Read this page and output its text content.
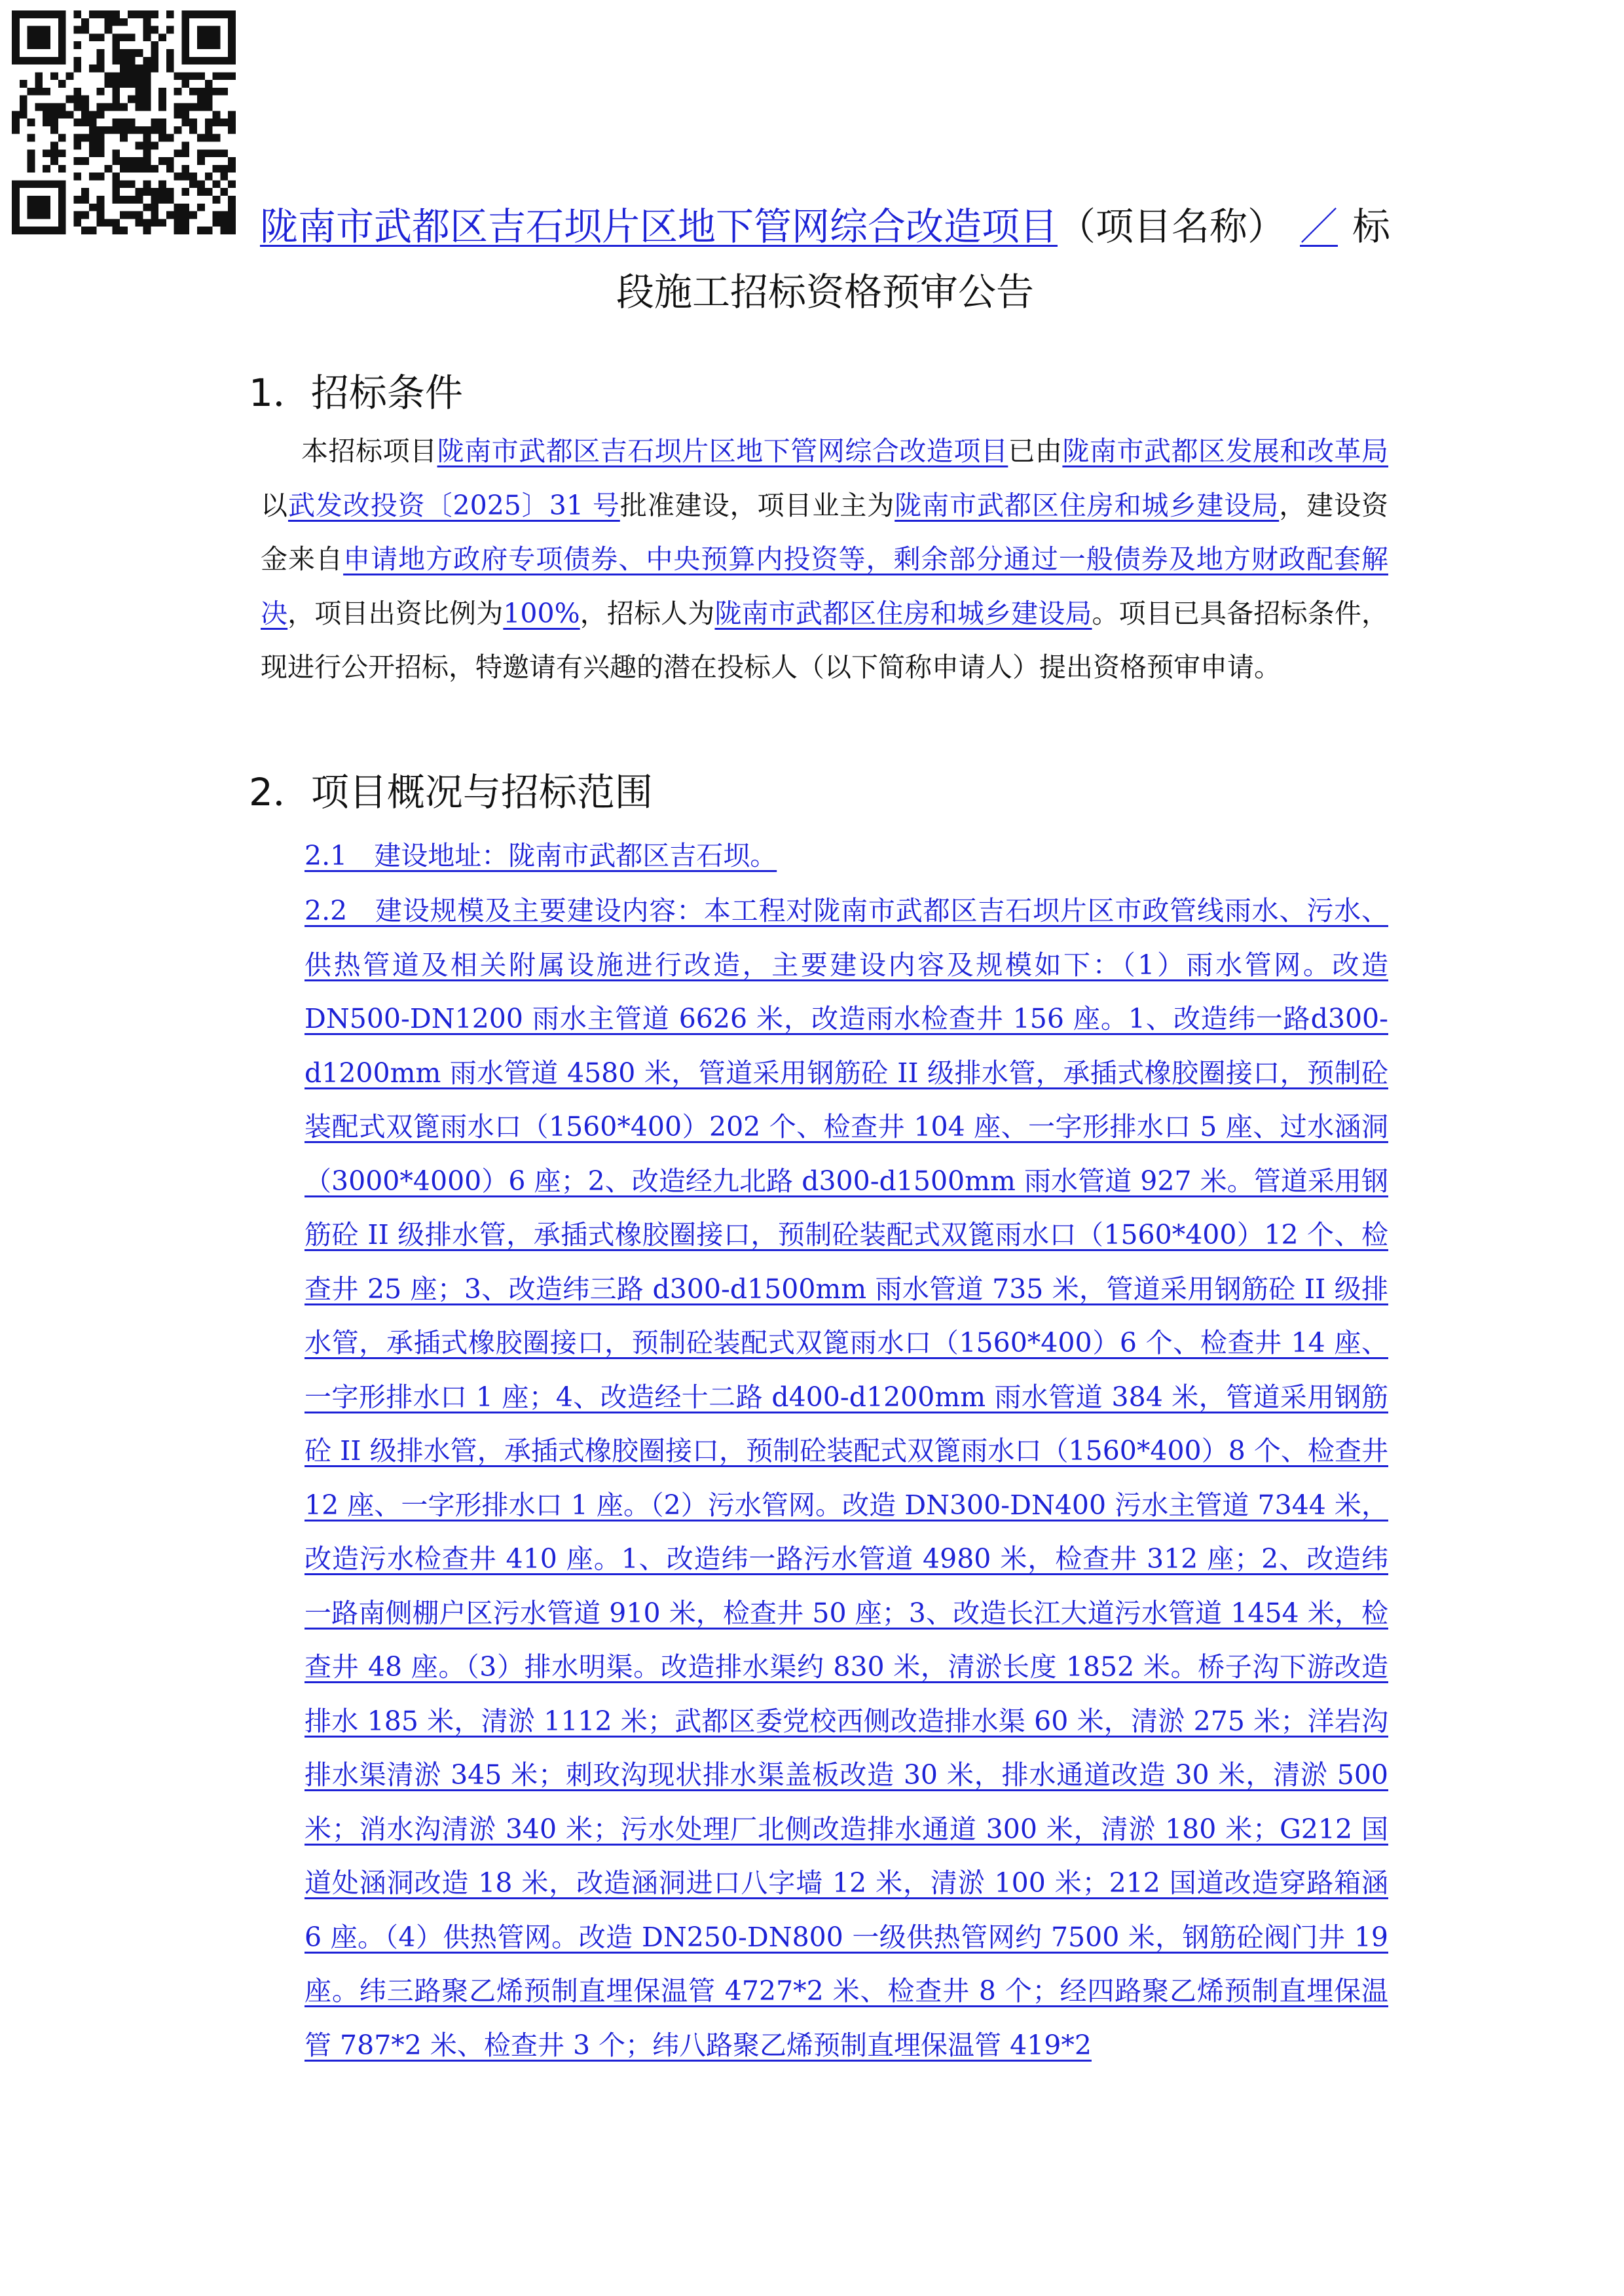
陇南市武都区吉石坝片区地下管网综合改造项目（项目名称） ／ 标段施工招标资格预审公告
1．招标条件
本招标项目陇南市武都区吉石坝片区地下管网综合改造项目已由陇南市武都区发展和改革局以武发改投资〔2025〕31 号批准建设，项目业主为陇南市武都区住房和城乡建设局，建设资金来自申请地方政府专项债券、中央预算内投资等，剩余部分通过一般债券及地方财政配套解决，项目出资比例为100%，招标人为陇南市武都区住房和城乡建设局。项目已具备招标条件，现进行公开招标，特邀请有兴趣的潜在投标人（以下简称申请人）提出资格预审申请。
2．项目概况与招标范围
2.1　建设地址：陇南市武都区吉石坝。
2.2　建设规模及主要建设内容：本工程对陇南市武都区吉石坝片区市政管线雨水、污水、供热管道及相关附属设施进行改造，主要建设内容及规模如下：（1）雨水管网。改造DN500-DN1200 雨水主管道 6626 米，改造雨水检查井 156 座。1、改造纬一路d300-d1200mm 雨水管道 4580 米，管道采用钢筋砼 II 级排水管，承插式橡胶圈接口，预制砼装配式双篦雨水口（1560*400）202 个、检查井 104 座、一字形排水口 5 座、过水涵洞（3000*4000）6 座；2、改造经九北路 d300-d1500mm 雨水管道 927 米。管道采用钢筋砼 II 级排水管，承插式橡胶圈接口，预制砼装配式双篦雨水口（1560*400）12 个、检查井 25 座；3、改造纬三路 d300-d1500mm 雨水管道 735 米，管道采用钢筋砼 II 级排水管，承插式橡胶圈接口，预制砼装配式双篦雨水口（1560*400）6 个、检查井 14 座、一字形排水口 1 座；4、改造经十二路 d400-d1200mm 雨水管道 384 米，管道采用钢筋砼 II 级排水管，承插式橡胶圈接口，预制砼装配式双篦雨水口（1560*400）8 个、检查井 12 座、一字形排水口 1 座。（2）污水管网。改造 DN300-DN400 污水主管道 7344 米，改造污水检查井 410 座。1、改造纬一路污水管道 4980 米，检查井 312 座；2、改造纬一路南侧棚户区污水管道 910 米，检查井 50 座；3、改造长江大道污水管道 1454 米，检查井 48 座。（3）排水明渠。改造排水渠约 830 米，清淤长度 1852 米。桥子沟下游改造排水 185 米，清淤 1112 米；武都区委党校西侧改造排水渠 60 米，清淤 275 米；洋岩沟排水渠清淤 345 米；刺玫沟现状排水渠盖板改造 30 米，排水通道改造 30 米，清淤 500 米；消水沟清淤 340 米；污水处理厂北侧改造排水通道 300 米，清淤 180 米；G212 国道处涵洞改造 18 米，改造涵洞进口八字墙 12 米，清淤 100 米；212 国道改造穿路箱涵 6 座。（4）供热管网。改造 DN250-DN800 一级供热管网约 7500 米，钢筋砼阀门井 19 座。纬三路聚乙烯预制直埋保温管 4727*2 米、检查井 8 个；经四路聚乙烯预制直埋保温管 787*2 米、检查井 3 个；纬八路聚乙烯预制直埋保温管 419*2
